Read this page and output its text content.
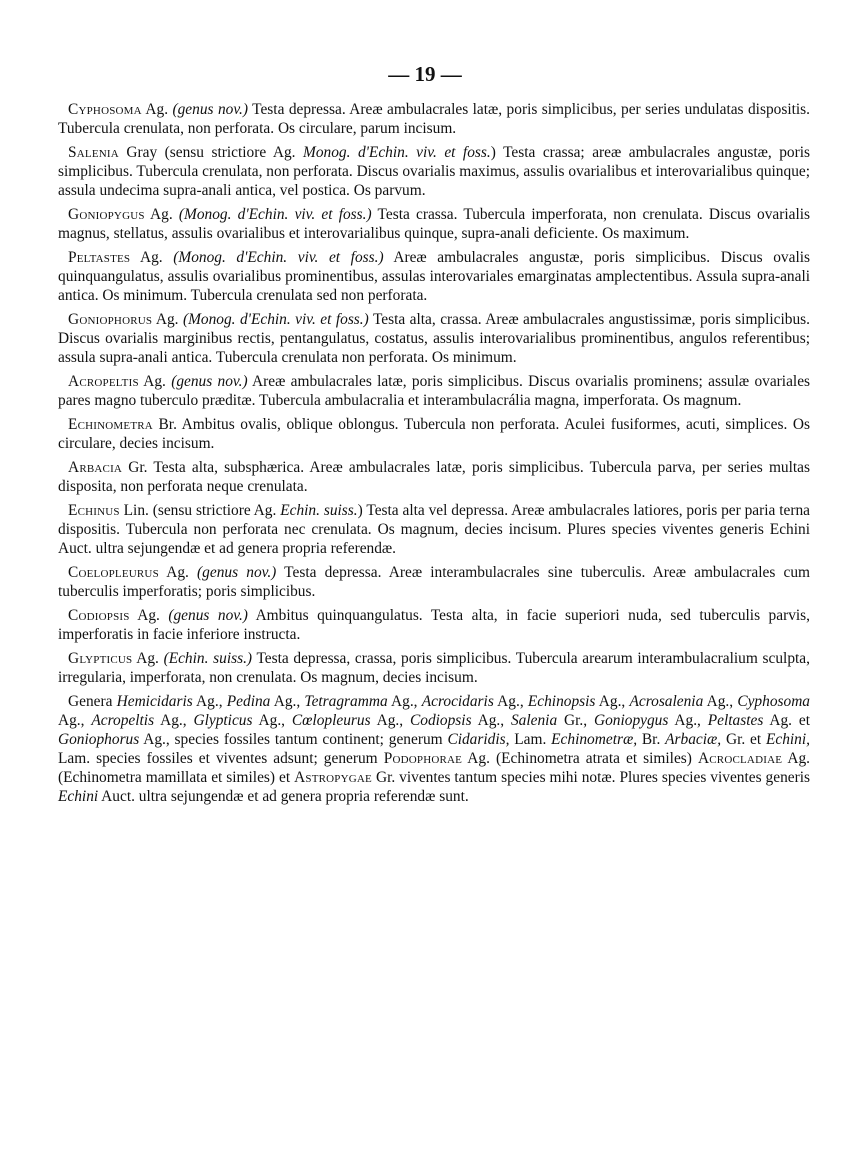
— 19 —

Cyphosoma Ag. (genus nov.) Testa depressa. Areæ ambulacrales latæ, poris simplicibus, per series undulatas dispositis. Tubercula crenulata, non perforata. Os circulare, parum incisum.

Salenia Gray (sensu strictiore Ag. Monog. d'Echin. viv. et foss.) Testa crassa; areæ ambulacrales angustæ, poris simplicibus. Tubercula crenulata, non perforata. Discus ovarialis maximus, assulis ovarialibus et interovarialibus quinque; assula undecima supra-anali antica, vel postica. Os parvum.

Goniopygus Ag. (Monog. d'Echin. viv. et foss.) Testa crassa. Tubercula imperforata, non crenulata. Discus ovarialis magnus, stellatus, assulis ovarialibus et interovarialibus quinque, supra-anali deficiente. Os maximum.

Peltastes Ag. (Monog. d'Echin. viv. et foss.) Areæ ambulacrales angustæ, poris simplicibus. Discus ovalis quinquangulatus, assulis ovarialibus prominentibus, assulas interovariales emarginatas amplectentibus. Assula supra-anali antica. Os minimum. Tubercula crenulata sed non perforata.

Goniophorus Ag. (Monog. d'Echin. viv. et foss.) Testa alta, crassa. Areæ ambulacrales angustissimæ, poris simplicibus. Discus ovarialis marginibus rectis, pentangulatus, costatus, assulis interovarialibus prominentibus, angulos referentibus; assula supra-anali antica. Tubercula crenulata non perforata. Os minimum.

Acropeltis Ag. (genus nov.) Areæ ambulacrales latæ, poris simplicibus. Discus ovarialis prominens; assulæ ovariales pares magno tuberculo præditæ. Tubercula ambulacralia et interambulacrália magna, imperforata. Os magnum.

Echinometra Br. Ambitus ovalis, oblique oblongus. Tubercula non perforata. Aculei fusiformes, acuti, simplices. Os circulare, decies incisum.

Arbacia Gr. Testa alta, subsphærica. Areæ ambulacrales latæ, poris simplicibus. Tubercula parva, per series multas disposita, non perforata neque crenulata.

Echinus Lin. (sensu strictiore Ag. Echin. suiss.) Testa alta vel depressa. Areæ ambulacrales latiores, poris per paria terna dispositis. Tubercula non perforata nec crenulata. Os magnum, decies incisum. Plures species viventes generis Echini Auct. ultra sejungendæ et ad genera propria referendæ.

Coelopleurus Ag. (genus nov.) Testa depressa. Areæ interambulacrales sine tuberculis. Areæ ambulacrales cum tuberculis imperforatis; poris simplicibus.

Codiopsis Ag. (genus nov.) Ambitus quinquangulatus. Testa alta, in facie superiori nuda, sed tuberculis parvis, imperforatis in facie inferiore instructa.

Glypticus Ag. (Echin. suiss.) Testa depressa, crassa, poris simplicibus. Tubercula arearum interambulacralium sculpta, irregularia, imperforata, non crenulata. Os magnum, decies incisum.

Genera Hemicidaris Ag., Pedina Ag., Tetragramma Ag., Acrocidaris Ag., Echinopsis Ag., Acrosalenia Ag., Cyphosoma Ag., Acropeltis Ag., Glypticus Ag., Cœlopleurus Ag., Codiopsis Ag., Salenia Gr., Goniopygus Ag., Peltastes Ag. et Goniophorus Ag., species fossiles tantum continent; generum Cidaridis, Lam. Echinometræ, Br. Arbaciæ, Gr. et Echini, Lam. species fossiles et viventes adsunt; generum Podophorae Ag. (Echinometra atrata et similes) Acrocladiae Ag. (Echinometra mamillata et similes) et Astropygae Gr. viventes tantum species mihi notæ. Plures species viventes generis Echini Auct. ultra sejungendæ et ad genera propria referendæ sunt.
